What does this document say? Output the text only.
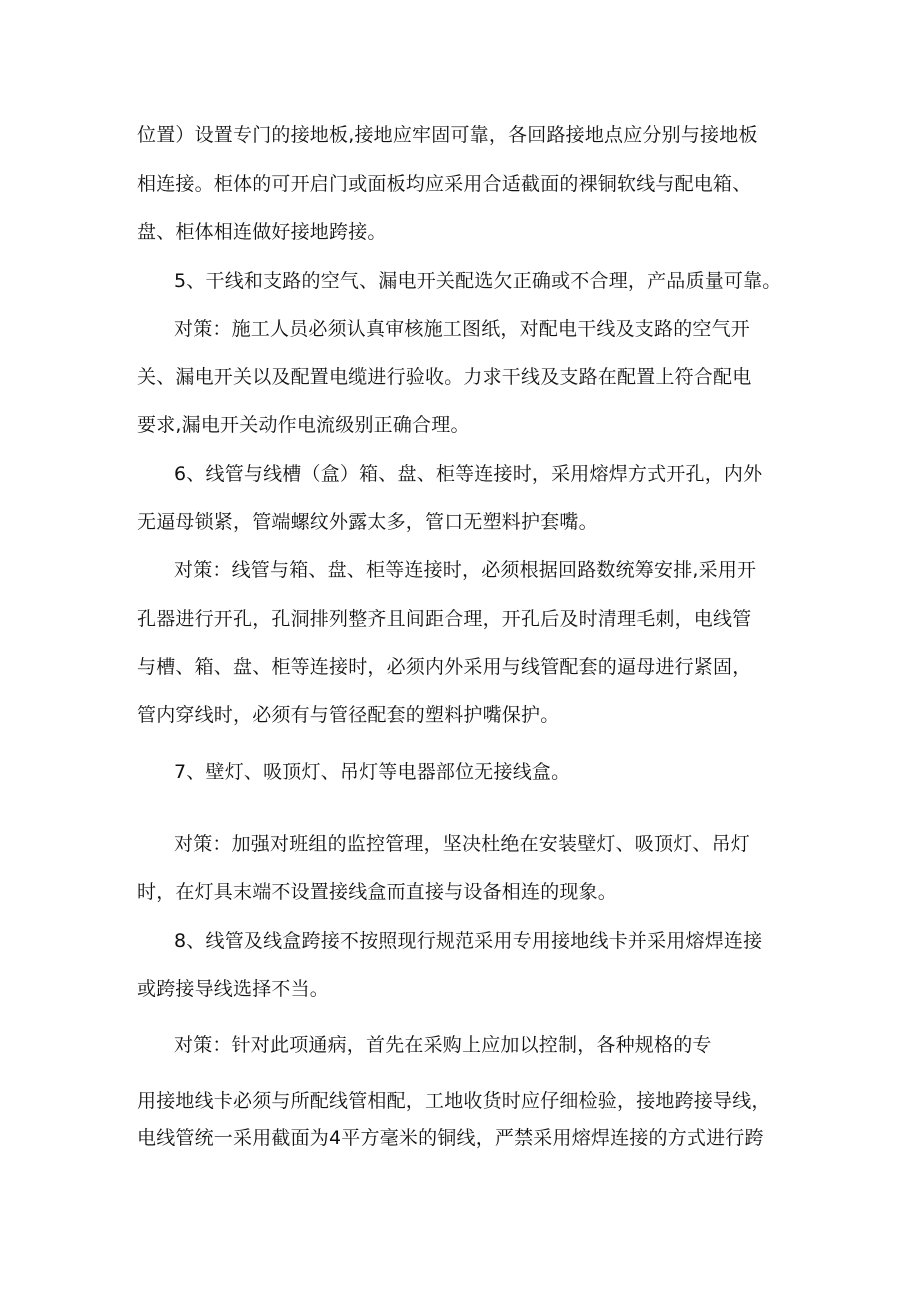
位置）设置专门的接地板,接地应牢固可靠，各回路接地点应分别与接地板
相连接。柜体的可开启门或面板均应采用合适截面的裸铜软线与配电箱、
盘、柜体相连做好接地跨接。
5、干线和支路的空气、漏电开关配选欠正确或不合理，产品质量可靠。
对策：施工人员必须认真审核施工图纸，对配电干线及支路的空气开
关、漏电开关以及配置电缆进行验收。力求干线及支路在配置上符合配电
要求,漏电开关动作电流级别正确合理。
6、线管与线槽（盒）箱、盘、柜等连接时，采用熔焊方式开孔，内外
无逼母锁紧，管端螺纹外露太多，管口无塑料护套嘴。
对策：线管与箱、盘、柜等连接时，必须根据回路数统筹安排,采用开
孔器进行开孔，孔洞排列整齐且间距合理，开孔后及时清理毛刺，电线管
与槽、箱、盘、柜等连接时，必须内外采用与线管配套的逼母进行紧固，
管内穿线时，必须有与管径配套的塑料护嘴保护。
7、壁灯、吸顶灯、吊灯等电器部位无接线盒。
对策：加强对班组的监控管理，坚决杜绝在安装壁灯、吸顶灯、吊灯
时，在灯具末端不设置接线盒而直接与设备相连的现象。
8、线管及线盒跨接不按照现行规范采用专用接地线卡并采用熔焊连接
或跨接导线选择不当。
对策：针对此项通病，首先在采购上应加以控制，各种规格的专
用接地线卡必须与所配线管相配，工地收货时应仔细检验，接地跨接导线，
电线管统一采用截面为4平方毫米的铜线，严禁采用熔焊连接的方式进行跨
